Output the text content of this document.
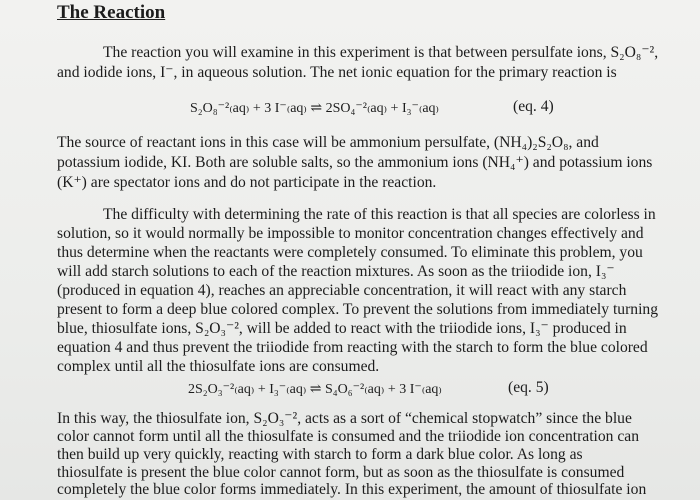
The Reaction
The reaction you will examine in this experiment is that between persulfate ions, S₂O₈⁻²,
and iodide ions, I⁻, in aqueous solution. The net ionic equation for the primary reaction is
S₂O₈⁻²₍aq₎ + 3 I⁻₍aq₎ ⇌ 2SO₄⁻²₍aq₎ + I₃⁻₍aq₎	(eq. 4)
The source of reactant ions in this case will be ammonium persulfate, (NH₄)₂S₂O₈, and
potassium iodide, KI. Both are soluble salts, so the ammonium ions (NH₄⁺) and potassium ions
(K⁺) are spectator ions and do not participate in the reaction.
The difficulty with determining the rate of this reaction is that all species are colorless in
solution, so it would normally be impossible to monitor concentration changes effectively and
thus determine when the reactants were completely consumed. To eliminate this problem, you
will add starch solutions to each of the reaction mixtures. As soon as the triiodide ion, I₃⁻
(produced in equation 4), reaches an appreciable concentration, it will react with any starch
present to form a deep blue colored complex. To prevent the solutions from immediately turning
blue, thiosulfate ions, S₂O₃⁻², will be added to react with the triiodide ions, I₃⁻ produced in
equation 4 and thus prevent the triiodide from reacting with the starch to form the blue colored
complex until all the thiosulfate ions are consumed.
2S₂O₃⁻²₍aq₎ + I₃⁻₍aq₎ ⇌ S₄O₆⁻²₍aq₎ + 3 I⁻₍aq₎	(eq. 5)
In this way, the thiosulfate ion, S₂O₃⁻², acts as a sort of “chemical stopwatch” since the blue
color cannot form until all the thiosulfate is consumed and the triiodide ion concentration can
then build up very quickly, reacting with starch to form a dark blue color. As long as
thiosulfate is present the blue color cannot form, but as soon as the thiosulfate is consumed
completely the blue color forms immediately. In this experiment, the amount of thiosulfate ion
